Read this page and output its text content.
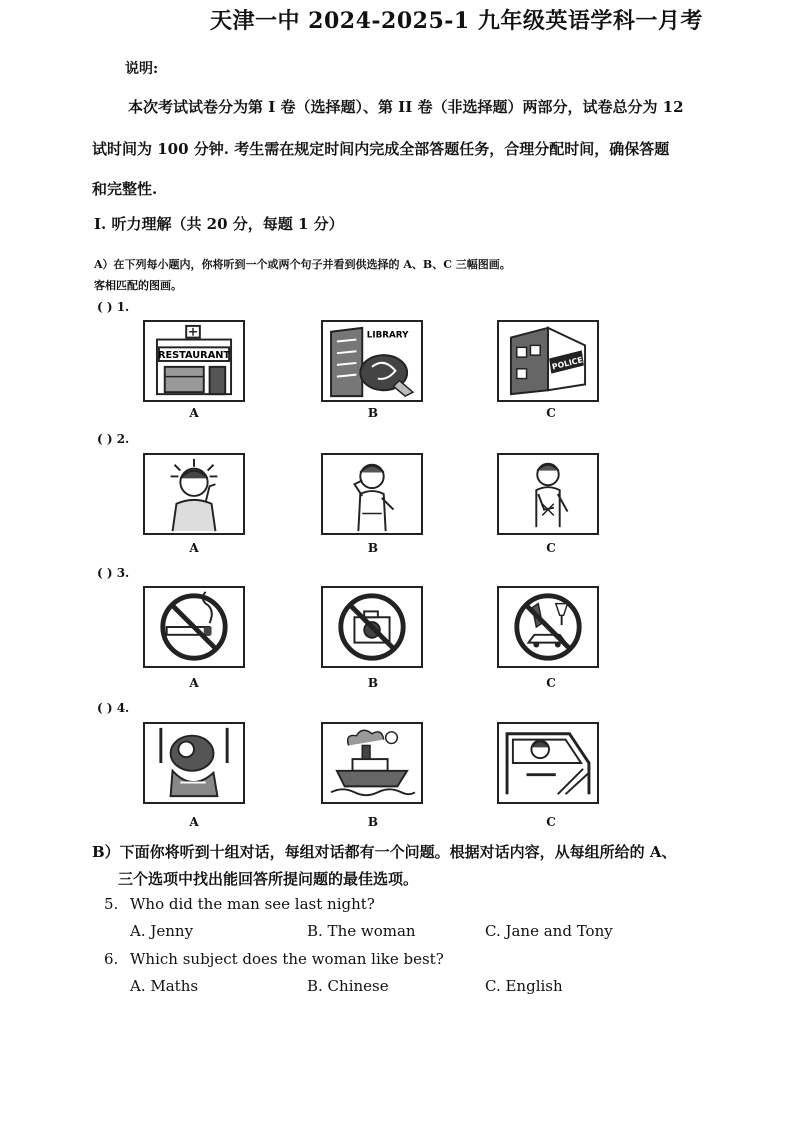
天津一中 2024-2025-1 九年级英语学科一月考
说明:
本次考试试卷分为第 I 卷（选择题）、第 II 卷（非选择题）两部分，试卷总分为 12
试时间为 100 分钟. 考生需在规定时间内完成全部答题任务，合理分配时间，确保答题
和完整性.
I. 听力理解（共 20 分，每题 1 分）
A）在下列每小题内，你将听到一个或两个句子并看到供选择的 A、B、C 三幅图画。
客相匹配的图画。
( ) 1.
RESTAURANT
LIBRARY
POLICE
A	B	C
( ) 2.
A	B	C
( ) 3.
A	B	C
( ) 4.
A	B	C
B）下面你将听到十组对话，每组对话都有一个问题。根据对话内容，从每组所给的 A、
三个选项中找出能回答所提问题的最佳选项。
5. Who did the man see last night?
A. Jenny	B. The woman	C. Jane and Tony
6. Which subject does the woman like best?
A. Maths	B. Chinese	C. English
